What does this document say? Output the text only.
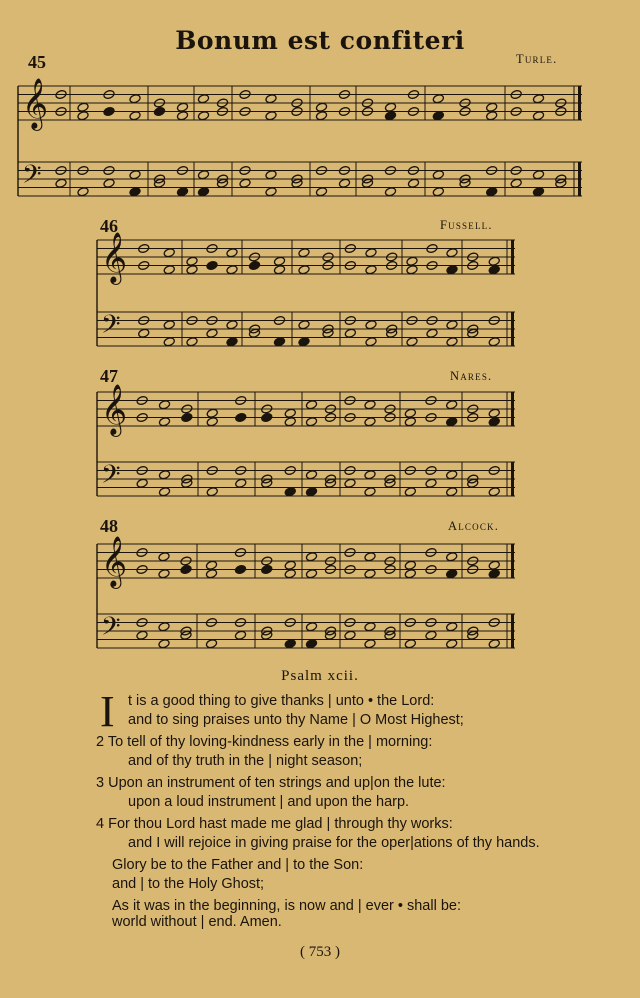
Bonum est confiteri
45	Turle.
46	Fussell.
47	Nares.
48	Alcock.
𝄞
𝄢
𝄞
𝄢
𝄞
𝄢
𝄞
𝄢
Psalm xcii.
I t is a good thing to give thanks | unto • the Lord:
and to sing praises unto thy Name | O Most Highest;
2 To tell of thy loving-kindness early in the | morning:
and of thy truth in the | night season;
3 Upon an instrument of ten strings and up|on the lute:
upon a loud instrument | and upon the harp.
4 For thou Lord hast made me glad | through thy works:
and I will rejoice in giving praise for the oper|ations of thy hands.
Glory be to the Father and | to the Son:
and | to the Holy Ghost;
As it was in the beginning, is now and | ever • shall be:
world without | end. Amen.
( 753 )
